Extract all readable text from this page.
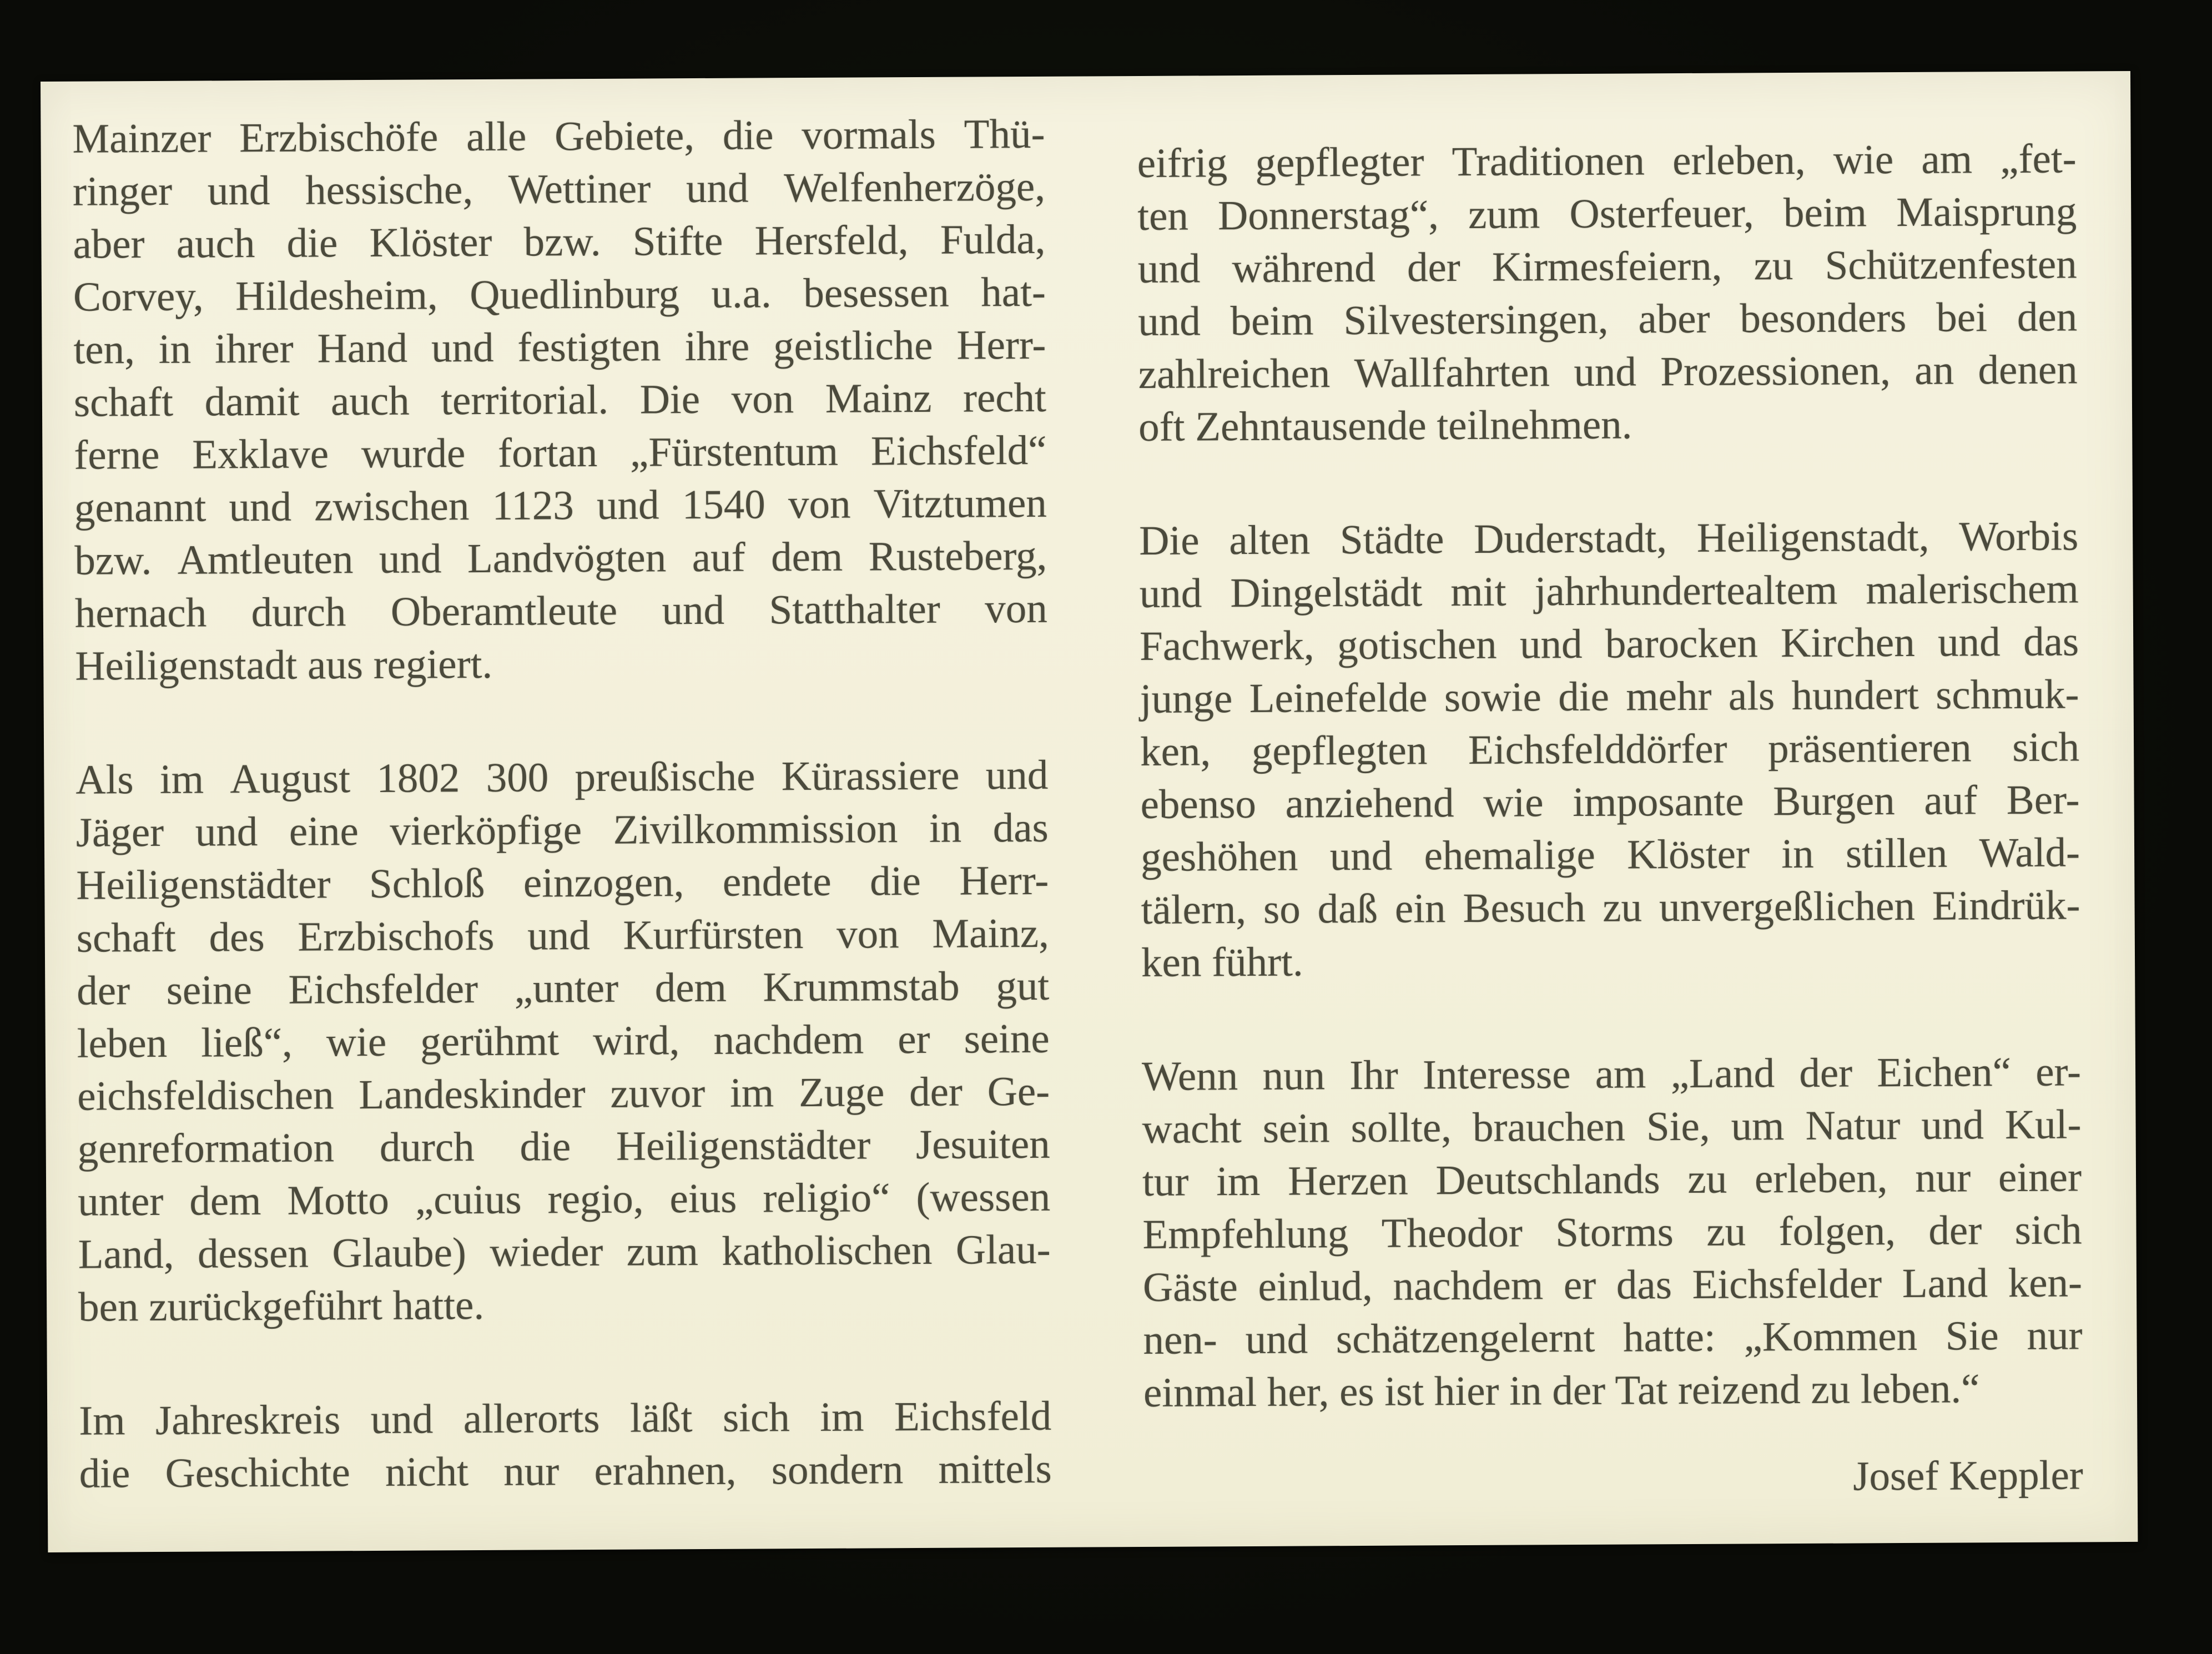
Mainzer Erzbischöfe alle Gebiete, die vormals Thü-
ringer und hessische, Wettiner und Welfenherzöge,
aber auch die Klöster bzw. Stifte Hersfeld, Fulda,
Corvey, Hildesheim, Quedlinburg u.a. besessen hat-
ten, in ihrer Hand und festigten ihre geistliche Herr-
schaft damit auch territorial. Die von Mainz recht
ferne Exklave wurde fortan „Fürstentum Eichsfeld“
genannt und zwischen 1123 und 1540 von Vitztumen
bzw. Amtleuten und Landvögten auf dem Rusteberg,
hernach durch Oberamtleute und Statthalter von
Heiligenstadt aus regiert.
Als im August 1802 300 preußische Kürassiere und
Jäger und eine vierköpfige Zivilkommission in das
Heiligenstädter Schloß einzogen, endete die Herr-
schaft des Erzbischofs und Kurfürsten von Mainz,
der seine Eichsfelder „unter dem Krummstab gut
leben ließ“, wie gerühmt wird, nachdem er seine
eichsfeldischen Landeskinder zuvor im Zuge der Ge-
genreformation durch die Heiligenstädter Jesuiten
unter dem Motto „cuius regio, eius religio“ (wessen
Land, dessen Glaube) wieder zum katholischen Glau-
ben zurückgeführt hatte.
Im Jahreskreis und allerorts läßt sich im Eichsfeld
die Geschichte nicht nur erahnen, sondern mittels
eifrig gepflegter Traditionen erleben, wie am „fet-
ten Donnerstag“, zum Osterfeuer, beim Maisprung
und während der Kirmesfeiern, zu Schützenfesten
und beim Silvestersingen, aber besonders bei den
zahlreichen Wallfahrten und Prozessionen, an denen
oft Zehntausende teilnehmen.
Die alten Städte Duderstadt, Heiligenstadt, Worbis
und Dingelstädt mit jahrhundertealtem malerischem
Fachwerk, gotischen und barocken Kirchen und das
junge Leinefelde sowie die mehr als hundert schmuk-
ken, gepflegten Eichsfelddörfer präsentieren sich
ebenso anziehend wie imposante Burgen auf Ber-
geshöhen und ehemalige Klöster in stillen Wald-
tälern, so daß ein Besuch zu unvergeßlichen Eindrük-
ken führt.
Wenn nun Ihr Interesse am „Land der Eichen“ er-
wacht sein sollte, brauchen Sie, um Natur und Kul-
tur im Herzen Deutschlands zu erleben, nur einer
Empfehlung Theodor Storms zu folgen, der sich
Gäste einlud, nachdem er das Eichsfelder Land ken-
nen- und schätzengelernt hatte: „Kommen Sie nur
einmal her, es ist hier in der Tat reizend zu leben.“
Josef Keppler
